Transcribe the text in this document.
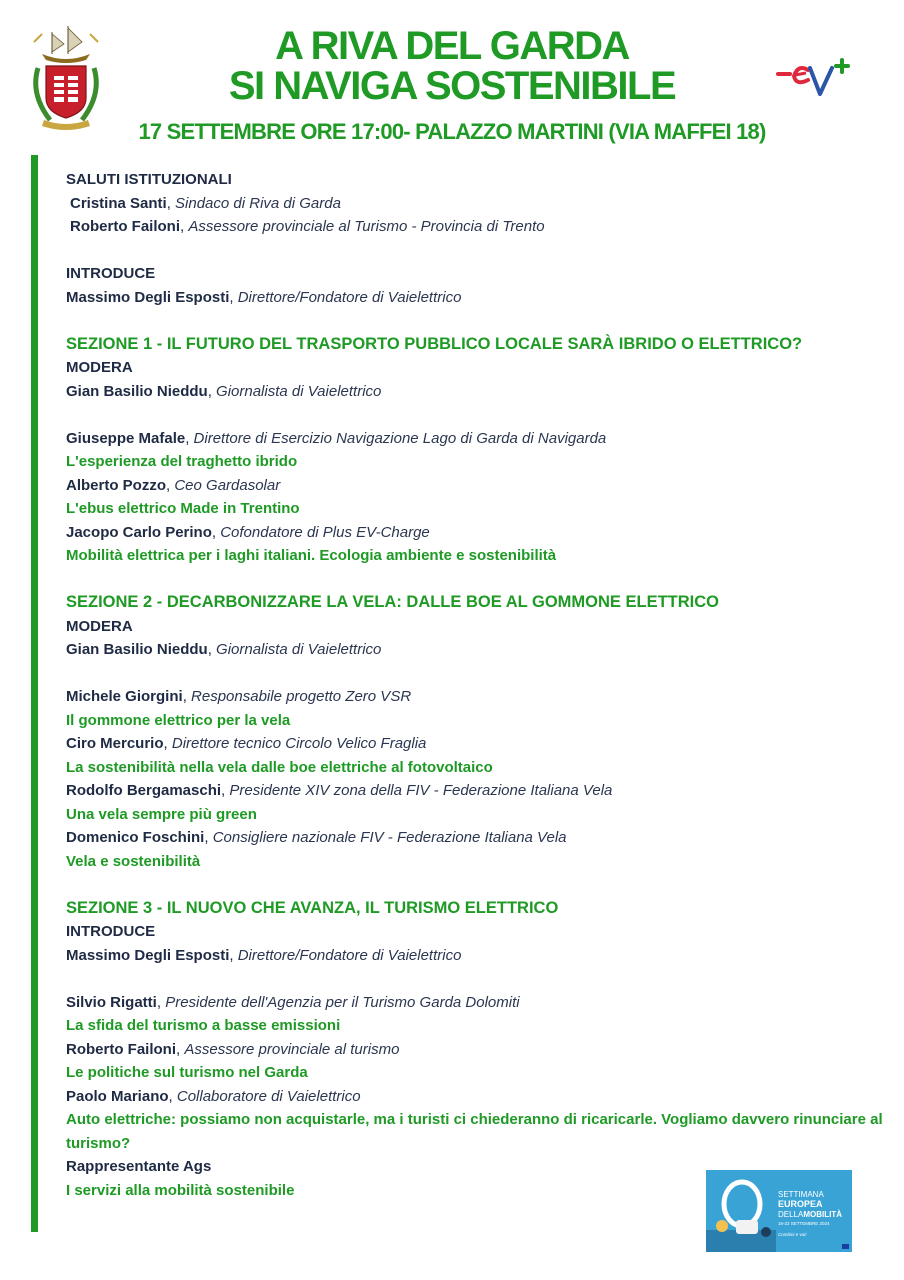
A RIVA DEL GARDA
SI NAVIGA SOSTENIBILE
17 SETTEMBRE ORE 17:00- PALAZZO MARTINI (VIA MAFFEI 18)
SALUTI ISTITUZIONALI
Cristina Santi, Sindaco di Riva di Garda
Roberto Failoni, Assessore provinciale al Turismo - Provincia di Trento
INTRODUCE
Massimo Degli Esposti, Direttore/Fondatore di Vaielettrico
SEZIONE 1 - IL FUTURO DEL TRASPORTO PUBBLICO LOCALE SARÀ IBRIDO O ELETTRICO?
MODERA
Gian Basilio Nieddu, Giornalista di Vaielettrico
Giuseppe Mafale, Direttore di Esercizio Navigazione Lago di Garda di Navigarda
L'esperienza del traghetto ibrido
Alberto Pozzo, Ceo Gardasolar
L'ebus elettrico Made in Trentino
Jacopo Carlo Perino, Cofondatore di Plus EV-Charge
Mobilità elettrica per i laghi italiani. Ecologia ambiente e sostenibilità
SEZIONE 2 - DECARBONIZZARE LA VELA: DALLE BOE AL GOMMONE ELETTRICO
MODERA
Gian Basilio Nieddu, Giornalista di Vaielettrico
Michele Giorgini, Responsabile progetto Zero VSR
Il gommone elettrico per la vela
Ciro Mercurio, Direttore tecnico Circolo Velico Fraglia
La sostenibilità nella vela dalle boe elettriche al fotovoltaico
Rodolfo Bergamaschi, Presidente XIV zona della FIV - Federazione Italiana Vela
Una vela sempre più green
Domenico Foschini, Consigliere nazionale FIV - Federazione Italiana Vela
Vela e sostenibilità
SEZIONE 3 - IL NUOVO CHE AVANZA, IL TURISMO ELETTRICO
INTRODUCE
Massimo Degli Esposti, Direttore/Fondatore di Vaielettrico
Silvio Rigatti, Presidente dell'Agenzia per il Turismo Garda Dolomiti
La sfida del turismo a basse emissioni
Roberto Failoni, Assessore provinciale al turismo
Le politiche sul turismo nel Garda
Paolo Mariano, Collaboratore di Vaielettrico
Auto elettriche: possiamo non acquistarle, ma i turisti ci chiederanno di ricaricarle. Vogliamo davvero rinunciare al turismo?
Rappresentante Ags
I servizi alla mobilità sostenibile	SETTIMANA
EUROPEA
DELLAMOBILITÀ
16-22 SETTEMBRE 2024
Combini e vai!
